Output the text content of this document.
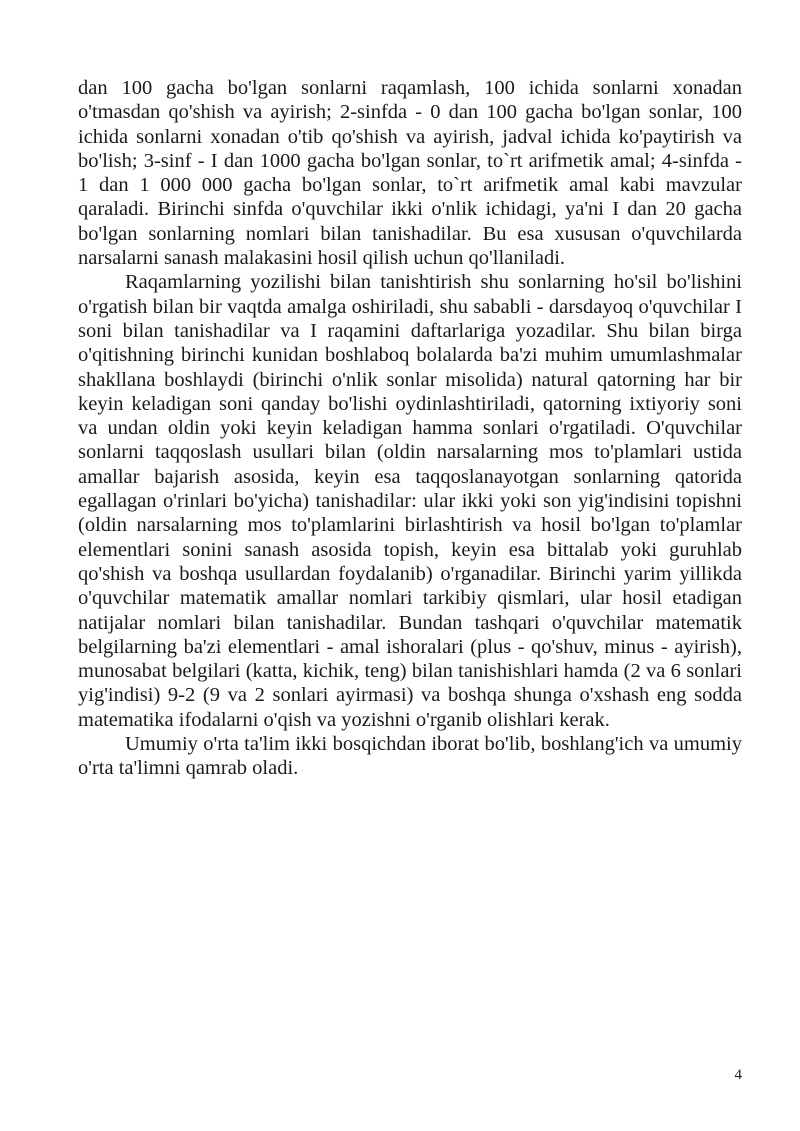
dan 100 gacha bo'lgan sonlarni raqamlash, 100 ichida sonlarni xonadan o'tmasdan qo'shish va ayirish; 2-sinfda - 0 dan 100 gacha bo'lgan sonlar, 100 ichida sonlarni xonadan o'tib qo'shish va ayirish, jadval ichida ko'paytirish va bo'lish; 3-sinf - I dan 1000 gacha bo'lgan sonlar, to`rt arifmetik amal; 4-sinfda - 1 dan 1 000 000 gacha bo'lgan sonlar, to`rt arifmetik amal kabi mavzular qaraladi. Birinchi sinfda o'quvchilar ikki o'nlik ichidagi, ya'ni I dan 20 gacha bo'lgan sonlarning nomlari bilan tanishadilar. Bu esa xususan o'quvchilarda narsalarni sanash malakasini hosil qilish uchun qo'llaniladi.

Raqamlarning yozilishi bilan tanishtirish shu sonlarning ho'sil bo'lishini o'rgatish bilan bir vaqtda amalga oshiriladi, shu sababli - darsdayoq o'quvchilar I soni bilan tanishadilar va I raqamini daftarlariga yozadilar. Shu bilan birga o'qitishning birinchi kunidan boshlaboq bolalarda ba'zi muhim umumlashmalar shakllana boshlaydi (birinchi o'nlik sonlar misolida) natural qatorning har bir keyin keladigan soni qanday bo'lishi oydinlashtiriladi, qatorning ixtiyoriy soni va undan oldin yoki keyin keladigan hamma sonlari o'rgatiladi. O'quvchilar sonlarni taqqoslash usullari bilan (oldin narsalarning mos to'plamlari ustida amallar bajarish asosida, keyin esa taqqoslanayotgan sonlarning qatorida egallagan o'rinlari bo'yicha) tanishadilar: ular ikki yoki son yig'indisini topishni (oldin narsalarning mos to'plamlarini birlashtirish va hosil bo'lgan to'plamlar elementlari sonini sanash asosida topish, keyin esa bittalab yoki guruhlab qo'shish va boshqa usullardan foydalanib) o'rganadilar. Birinchi yarim yillikda o'quvchilar matematik amallar nomlari tarkibiy qismlari, ular hosil etadigan natijalar nomlari bilan tanishadilar. Bundan tashqari o'quvchilar matematik belgilarning ba'zi elementlari - amal ishoralari (plus - qo'shuv, minus - ayirish), munosabat belgilari (katta, kichik, teng) bilan tanishishlari hamda (2 va 6 sonlari yig'indisi) 9-2 (9 va 2 sonlari ayirmasi) va boshqa shunga o'xshash eng sodda matematika ifodalarni o'qish va yozishni o'rganib olishlari kerak.

Umumiy o'rta ta'lim ikki bosqichdan iborat bo'lib, boshlang'ich va umumiy o'rta ta'limni qamrab oladi.

4
